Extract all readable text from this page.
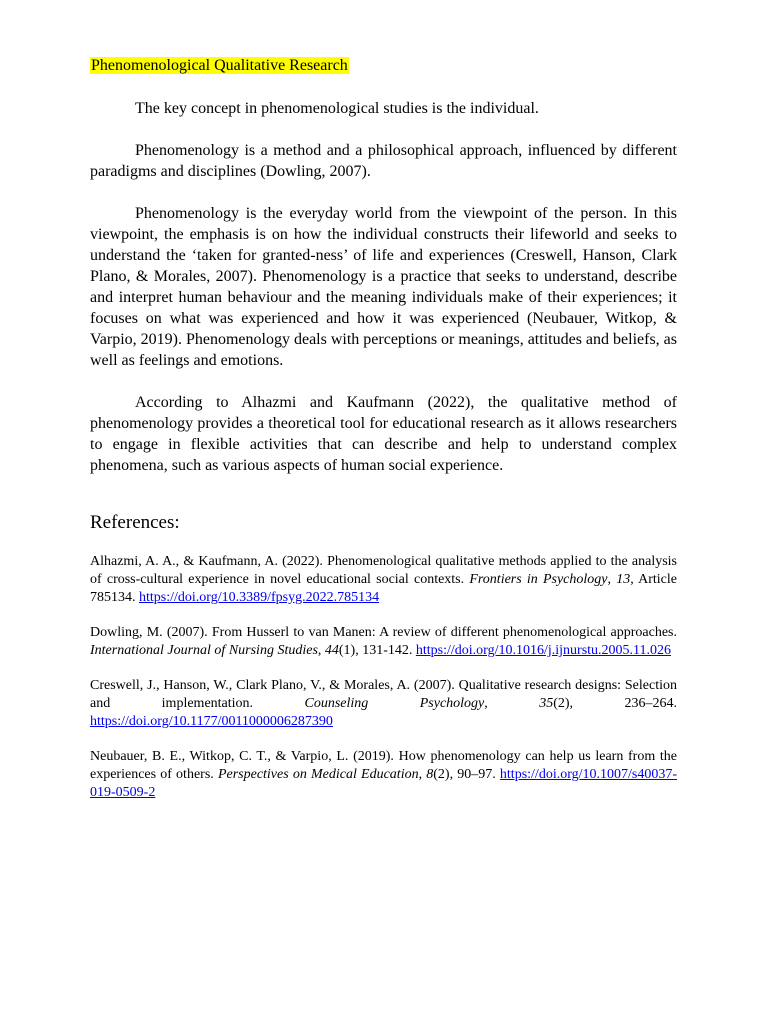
Phenomenological Qualitative Research

The key concept in phenomenological studies is the individual.

Phenomenology is a method and a philosophical approach, influenced by different paradigms and disciplines (Dowling, 2007).

Phenomenology is the everyday world from the viewpoint of the person. In this viewpoint, the emphasis is on how the individual constructs their lifeworld and seeks to understand the ‘taken for granted-ness’ of life and experiences (Creswell, Hanson, Clark Plano, & Morales, 2007). Phenomenology is a practice that seeks to understand, describe and interpret human behaviour and the meaning individuals make of their experiences; it focuses on what was experienced and how it was experienced (Neubauer, Witkop, & Varpio, 2019). Phenomenology deals with perceptions or meanings, attitudes and beliefs, as well as feelings and emotions.

According to Alhazmi and Kaufmann (2022), the qualitative method of phenomenology provides a theoretical tool for educational research as it allows researchers to engage in flexible activities that can describe and help to understand complex phenomena, such as various aspects of human social experience.

References:

Alhazmi, A. A., & Kaufmann, A. (2022). Phenomenological qualitative methods applied to the analysis of cross-cultural experience in novel educational social contexts. Frontiers in Psychology, 13, Article 785134. https://doi.org/10.3389/fpsyg.2022.785134

Dowling, M. (2007). From Husserl to van Manen: A review of different phenomenological approaches. International Journal of Nursing Studies, 44(1), 131-142. https://doi.org/10.1016/j.ijnurstu.2005.11.026

Creswell, J., Hanson, W., Clark Plano, V., & Morales, A. (2007). Qualitative research designs: Selection and implementation. Counseling Psychology, 35(2), 236–264. https://doi.org/10.1177/0011000006287390

Neubauer, B. E., Witkop, C. T., & Varpio, L. (2019). How phenomenology can help us learn from the experiences of others. Perspectives on Medical Education, 8(2), 90–97. https://doi.org/10.1007/s40037-019-0509-2
